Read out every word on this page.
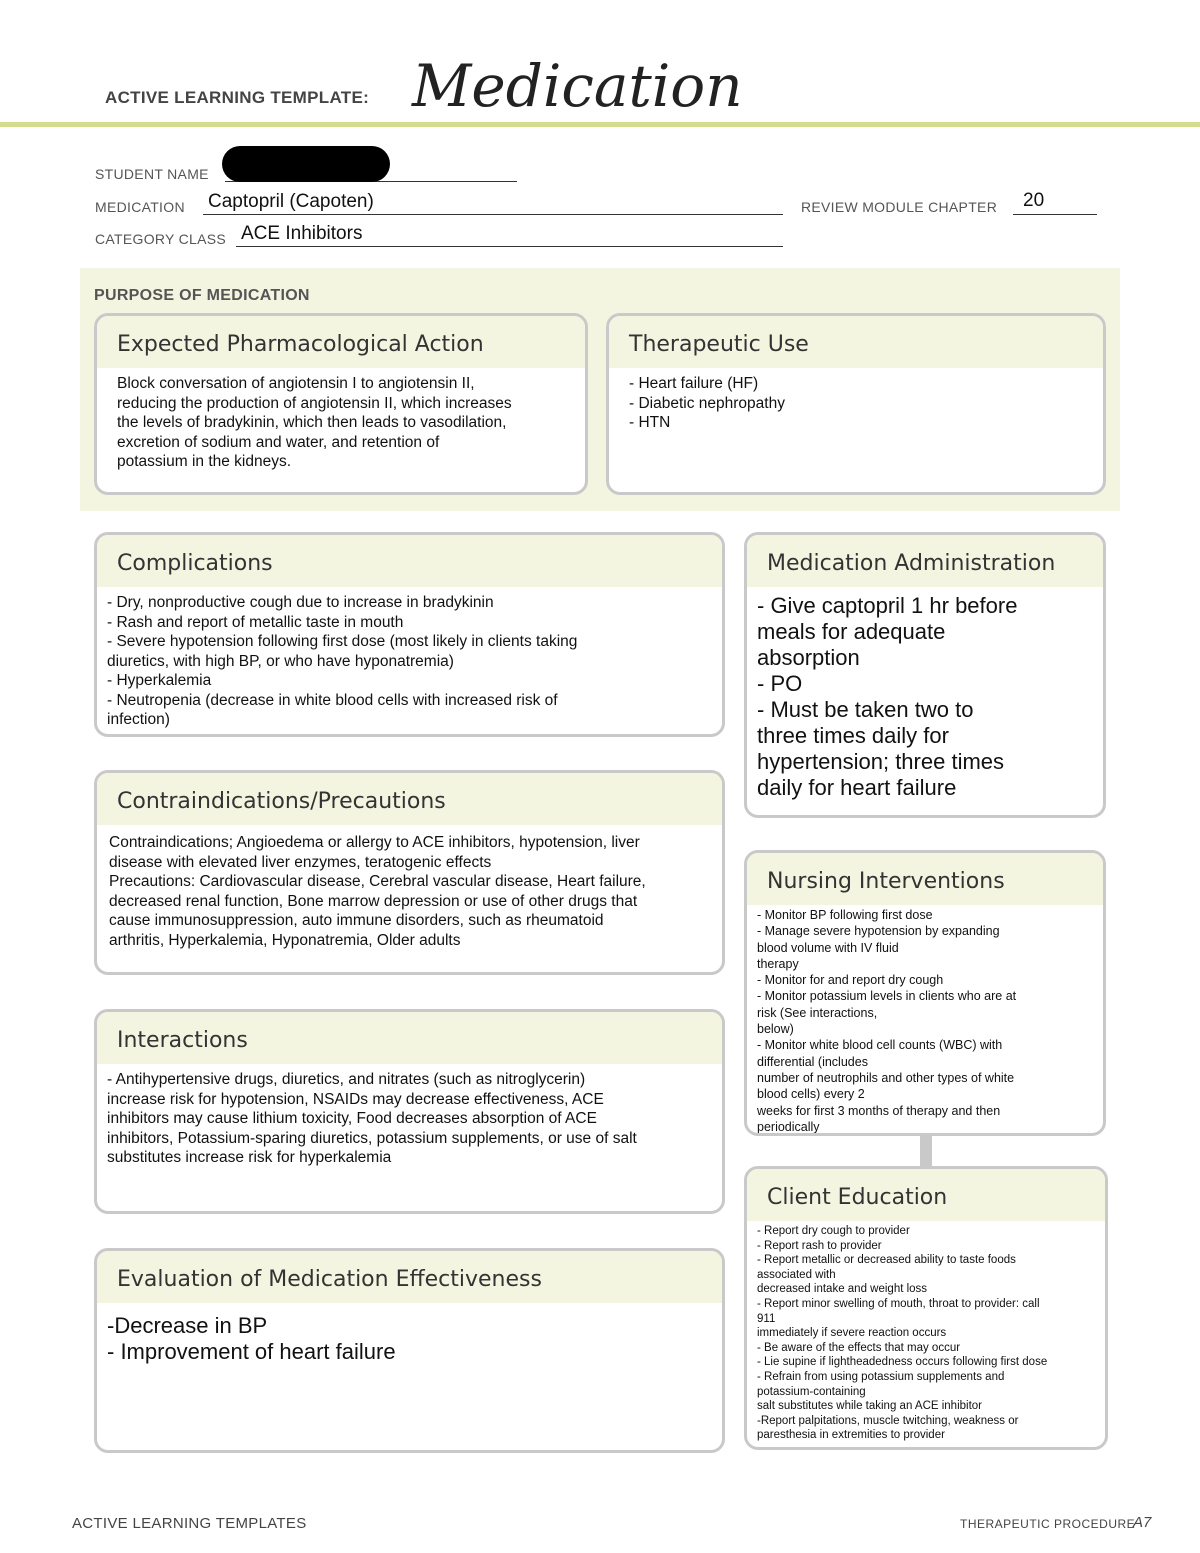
ACTIVE LEARNING TEMPLATE: Medication
STUDENT NAME
MEDICATION Captopril (Capoten)	REVIEW MODULE CHAPTER 20
CATEGORY CLASS ACE Inhibitors
PURPOSE OF MEDICATION
Expected Pharmacological Action
Block conversation of angiotensin I to angiotensin II,
reducing the production of angiotensin II, which increases
the levels of bradykinin, which then leads to vasodilation,
excretion of sodium and water, and retention of
potassium in the kidneys.
Therapeutic Use
- Heart failure (HF)
- Diabetic nephropathy
- HTN
Complications
- Dry, nonproductive cough due to increase in bradykinin
- Rash and report of metallic taste in mouth
- Severe hypotension following first dose (most likely in clients taking
diuretics, with high BP, or who have hyponatremia)
- Hyperkalemia
- Neutropenia (decrease in white blood cells with increased risk of
infection)
Medication Administration
- Give captopril 1 hr before
meals for adequate
absorption
- PO
- Must be taken two to
three times daily for
hypertension; three times
daily for heart failure
Contraindications/Precautions
Contraindications; Angioedema or allergy to ACE inhibitors, hypotension, liver
disease with elevated liver enzymes, teratogenic effects
Precautions: Cardiovascular disease, Cerebral vascular disease, Heart failure,
decreased renal function, Bone marrow depression or use of other drugs that
cause immunosuppression, auto immune disorders, such as rheumatoid
arthritis, Hyperkalemia, Hyponatremia, Older adults
Nursing Interventions
- Monitor BP following first dose
- Manage severe hypotension by expanding
blood volume with IV fluid
therapy
- Monitor for and report dry cough
- Monitor potassium levels in clients who are at
risk (See interactions,
below)
- Monitor white blood cell counts (WBC) with
differential (includes
number of neutrophils and other types of white
blood cells) every 2
weeks for first 3 months of therapy and then
periodically
Interactions
- Antihypertensive drugs, diuretics, and nitrates (such as nitroglycerin)
increase risk for hypotension, NSAIDs may decrease effectiveness, ACE
inhibitors may cause lithium toxicity, Food decreases absorption of ACE
inhibitors, Potassium-sparing diuretics, potassium supplements, or use of salt
substitutes increase risk for hyperkalemia
Client Education
- Report dry cough to provider
- Report rash to provider
- Report metallic or decreased ability to taste foods
associated with
decreased intake and weight loss
- Report minor swelling of mouth, throat to provider: call
911
immediately if severe reaction occurs
- Be aware of the effects that may occur
- Lie supine if lightheadedness occurs following first dose
- Refrain from using potassium supplements and
potassium-containing
salt substitutes while taking an ACE inhibitor
-Report palpitations, muscle twitching, weakness or
paresthesia in extremities to provider
Evaluation of Medication Effectiveness
-Decrease in BP
- Improvement of heart failure
ACTIVE LEARNING TEMPLATES	THERAPEUTIC PROCEDURE
A7
